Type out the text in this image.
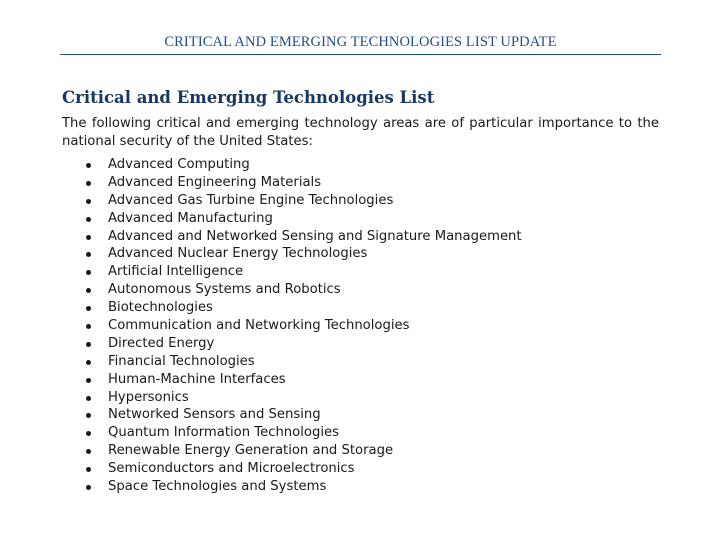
CRITICAL AND EMERGING TECHNOLOGIES LIST UPDATE
Critical and Emerging Technologies List

The following critical and emerging technology areas are of particular importance to the national security of the United States:

Advanced Computing
Advanced Engineering Materials
Advanced Gas Turbine Engine Technologies
Advanced Manufacturing
Advanced and Networked Sensing and Signature Management
Advanced Nuclear Energy Technologies
Artificial Intelligence
Autonomous Systems and Robotics
Biotechnologies
Communication and Networking Technologies
Directed Energy
Financial Technologies
Human-Machine Interfaces
Hypersonics
Networked Sensors and Sensing
Quantum Information Technologies
Renewable Energy Generation and Storage
Semiconductors and Microelectronics
Space Technologies and Systems
